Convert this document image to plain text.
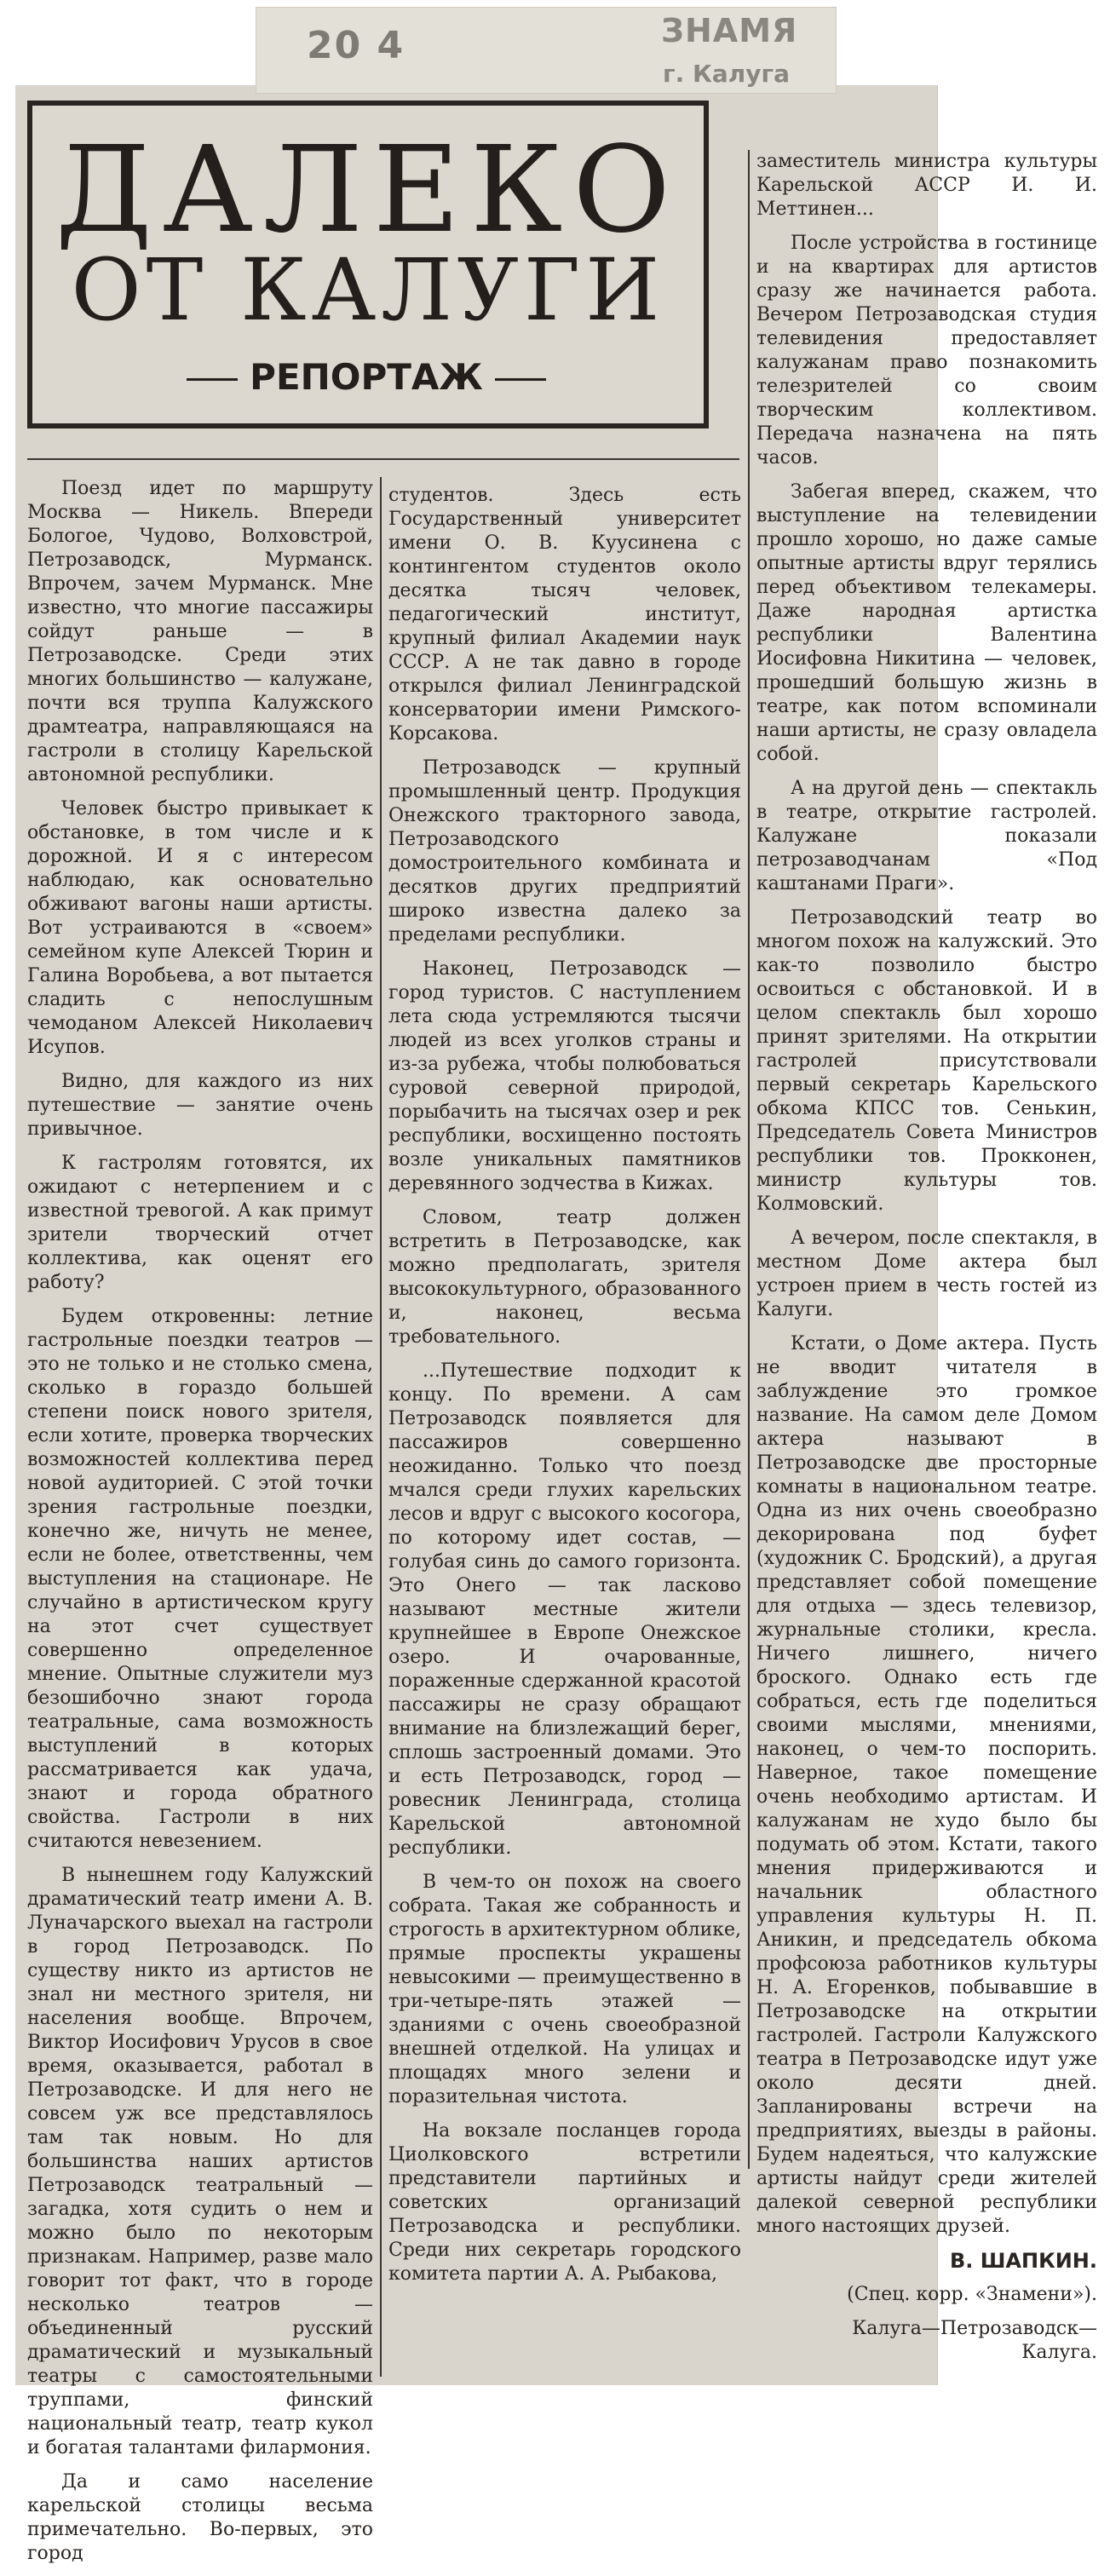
20 4	ЗНАМЯ
г. Калуга
ДАЛЕКО
ОТ КАЛУГИ
РЕПОРТАЖ

Поезд идет по маршруту Москва — Никель. Впереди Бологое, Чудово, Волховстрой, Петрозаводск, Мурманск. Впрочем, зачем Мурманск. Мне известно, что многие пассажиры сойдут раньше — в Петрозаводске. Среди этих многих большинство — калужане, почти вся труппа Калужского драмтеатра, направляющаяся на гастроли в столицу Карельской автономной республики.

Человек быстро привыкает к обстановке, в том числе и к дорожной. И я с интересом наблюдаю, как основательно обживают вагоны наши артисты. Вот устраиваются в «своем» семейном купе Алексей Тюрин и Галина Воробьева, а вот пытается сладить с непослушным чемоданом Алексей Николаевич Исупов.

Видно, для каждого из них путешествие — занятие очень привычное.

К гастролям готовятся, их ожидают с нетерпением и с известной тревогой. А как примут зрители творческий отчет коллектива, как оценят его работу?

Будем откровенны: летние гастрольные поездки театров — это не только и не столько смена, сколько в гораздо большей степени поиск нового зрителя, если хотите, проверка творческих возможностей коллектива перед новой аудиторией. С этой точки зрения гастрольные поездки, конечно же, ничуть не менее, если не более, ответственны, чем выступления на стационаре. Не случайно в артистическом кругу на этот счет существует совершенно определенное мнение. Опытные служители муз безошибочно знают города театральные, сама возможность выступлений в которых рассматривается как удача, знают и города обратного свойства. Гастроли в них считаются невезением.

В нынешнем году Калужский драматический театр имени А. В. Луначарского выехал на гастроли в город Петрозаводск. По существу никто из артистов не знал ни местного зрителя, ни населения вообще. Впрочем, Виктор Иосифович Урусов в свое время, оказывается, работал в Петрозаводске. И для него не совсем уж все представлялось там так новым. Но для большинства наших артистов Петрозаводск театральный — загадка, хотя судить о нем и можно было по некоторым признакам. Например, разве мало говорит тот факт, что в городе несколько театров — объединенный русский драматический и музыкальный театры с самостоятельными труппами, финский национальный театр, театр кукол и богатая талантами филармония.

Да и само население карельской столицы весьма примечательно. Во-первых, это город

студентов. Здесь есть Государственный университет имени О. В. Куусинена с контингентом студентов около десятка тысяч человек, педагогический институт, крупный филиал Академии наук СССР. А не так давно в городе открылся филиал Ленинградской консерватории имени Римского-Корсакова.

Петрозаводск — крупный промышленный центр. Продукция Онежского тракторного завода, Петрозаводского домостроительного комбината и десятков других предприятий широко известна далеко за пределами республики.

Наконец, Петрозаводск — город туристов. С наступлением лета сюда устремляются тысячи людей из всех уголков страны и из-за рубежа, чтобы полюбоваться суровой северной природой, порыбачить на тысячах озер и рек республики, восхищенно постоять возле уникальных памятников деревянного зодчества в Кижах.

Словом, театр должен встретить в Петрозаводске, как можно предполагать, зрителя высококультурного, образованного и, наконец, весьма требовательного.

...Путешествие подходит к концу. По времени. А сам Петрозаводск появляется для пассажиров совершенно неожиданно. Только что поезд мчался среди глухих карельских лесов и вдруг с высокого косогора, по которому идет состав, — голубая синь до самого горизонта. Это Онего — так ласково называют местные жители крупнейшее в Европе Онежское озеро. И очарованные, пораженные сдержанной красотой пассажиры не сразу обращают внимание на близлежащий берег, сплошь застроенный домами. Это и есть Петрозаводск, город — ровесник Ленинграда, столица Карельской автономной республики.

В чем-то он похож на своего собрата. Такая же собранность и строгость в архитектурном облике, прямые проспекты украшены невысокими — преимущественно в три-четыре-пять этажей — зданиями с очень своеобразной внешней отделкой. На улицах и площадях много зелени и поразительная чистота.

На вокзале посланцев города Циолковского встретили представители партийных и советских организаций Петрозаводска и республики. Среди них секретарь городского комитета партии А. А. Рыбакова,

заместитель министра культуры Карельской АССР И. И. Меттинен...

После устройства в гостинице и на квартирах для артистов сразу же начинается работа. Вечером Петрозаводская студия телевидения предоставляет калужанам право познакомить телезрителей со своим творческим коллективом. Передача назначена на пять часов.

Забегая вперед, скажем, что выступление на телевидении прошло хорошо, но даже самые опытные артисты вдруг терялись перед объективом телекамеры. Даже народная артистка республики Валентина Иосифовна Никитина — человек, прошедший большую жизнь в театре, как потом вспоминали наши артисты, не сразу овладела собой.

А на другой день — спектакль в театре, открытие гастролей. Калужане показали петрозаводчанам «Под каштанами Праги».

Петрозаводский театр во многом похож на калужский. Это как-то позволило быстро освоиться с обстановкой. И в целом спектакль был хорошо принят зрителями. На открытии гастролей присутствовали первый секретарь Карельского обкома КПСС тов. Сенькин, Председатель Совета Министров республики тов. Прокконен, министр культуры тов. Колмовский.

А вечером, после спектакля, в местном Доме актера был устроен прием в честь гостей из Калуги.

Кстати, о Доме актера. Пусть не вводит читателя в заблуждение это громкое название. На самом деле Домом актера называют в Петрозаводске две просторные комнаты в национальном театре. Одна из них очень своеобразно декорирована под буфет (художник С. Бродский), а другая представляет собой помещение для отдыха — здесь телевизор, журнальные столики, кресла. Ничего лишнего, ничего броского. Однако есть где собраться, есть где поделиться своими мыслями, мнениями, наконец, о чем-то поспорить. Наверное, такое помещение очень необходимо артистам. И калужанам не худо было бы подумать об этом. Кстати, такого мнения придерживаются и начальник областного управления культуры Н. П. Аникин, и председатель обкома профсоюза работников культуры Н. А. Егоренков, побывавшие в Петрозаводске на открытии гастролей. Гастроли Калужского театра в Петрозаводске идут уже около десяти дней. Запланированы встречи на предприятиях, выезды в районы. Будем надеяться, что калужские артисты найдут среди жителей далекой северной республики много настоящих друзей.

В. ШАПКИН.

(Спец. корр. «Знамени»).

Калуга—Петрозаводск—Калуга.
